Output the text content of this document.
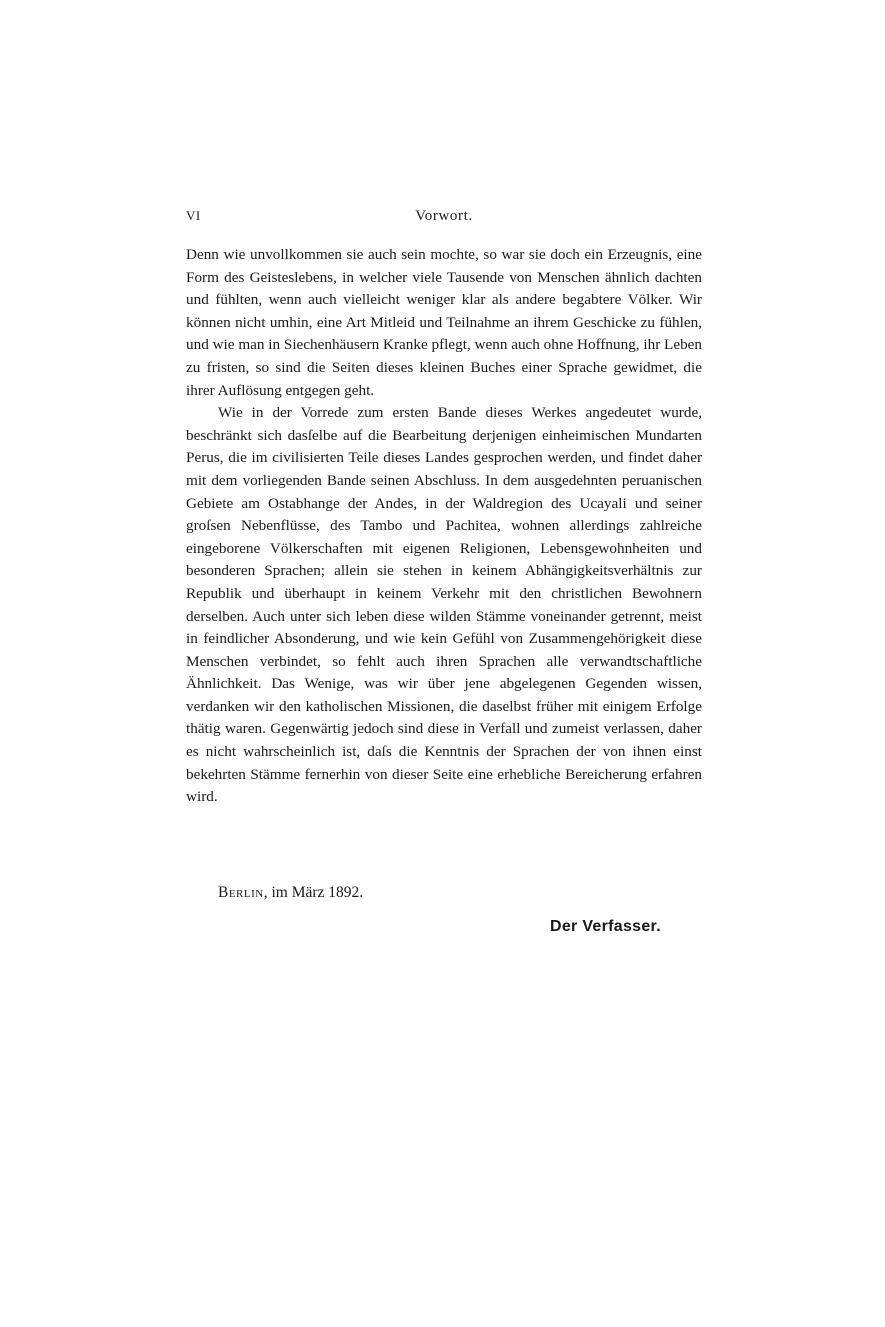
VI	Vorwort.

Denn wie unvollkommen sie auch sein mochte, so war sie doch ein Erzeugnis, eine Form des Geisteslebens, in welcher viele Tausende von Menschen ähnlich dachten und fühlten, wenn auch vielleicht weniger klar als andere begabtere Völker. Wir können nicht umhin, eine Art Mitleid und Teilnahme an ihrem Geschicke zu fühlen, und wie man in Siechenhäusern Kranke pflegt, wenn auch ohne Hoffnung, ihr Leben zu fristen, so sind die Seiten dieses kleinen Buches einer Sprache gewidmet, die ihrer Auflösung entgegen geht.

Wie in der Vorrede zum ersten Bande dieses Werkes angedeutet wurde, beschränkt sich dasſelbe auf die Bearbeitung derjenigen einheimischen Mundarten Perus, die im civilisierten Teile dieses Landes gesprochen werden, und findet daher mit dem vorliegenden Bande seinen Abschluss. In dem ausgedehnten peruanischen Gebiete am Ostabhange der Andes, in der Waldregion des Ucayali und seiner groſsen Nebenflüsse, des Tambo und Pachitea, wohnen allerdings zahlreiche eingeborene Völkerschaften mit eigenen Religionen, Lebensgewohnheiten und besonderen Sprachen; allein sie stehen in keinem Abhängigkeitsverhältnis zur Republik und überhaupt in keinem Verkehr mit den christlichen Bewohnern derselben. Auch unter sich leben diese wilden Stämme voneinander getrennt, meist in feindlicher Absonderung, und wie kein Gefühl von Zusammengehörigkeit diese Menschen verbindet, so fehlt auch ihren Sprachen alle verwandtschaftliche Ähnlichkeit. Das Wenige, was wir über jene abgelegenen Gegenden wissen, verdanken wir den katholischen Missionen, die daselbst früher mit einigem Erfolge thätig waren. Gegenwärtig jedoch sind diese in Verfall und zumeist verlassen, daher es nicht wahrscheinlich ist, daſs die Kenntnis der Sprachen der von ihnen einst bekehrten Stämme fernerhin von dieser Seite eine erhebliche Bereicherung erfahren wird.

Berlin, im März 1892.
Der Verfasser.
